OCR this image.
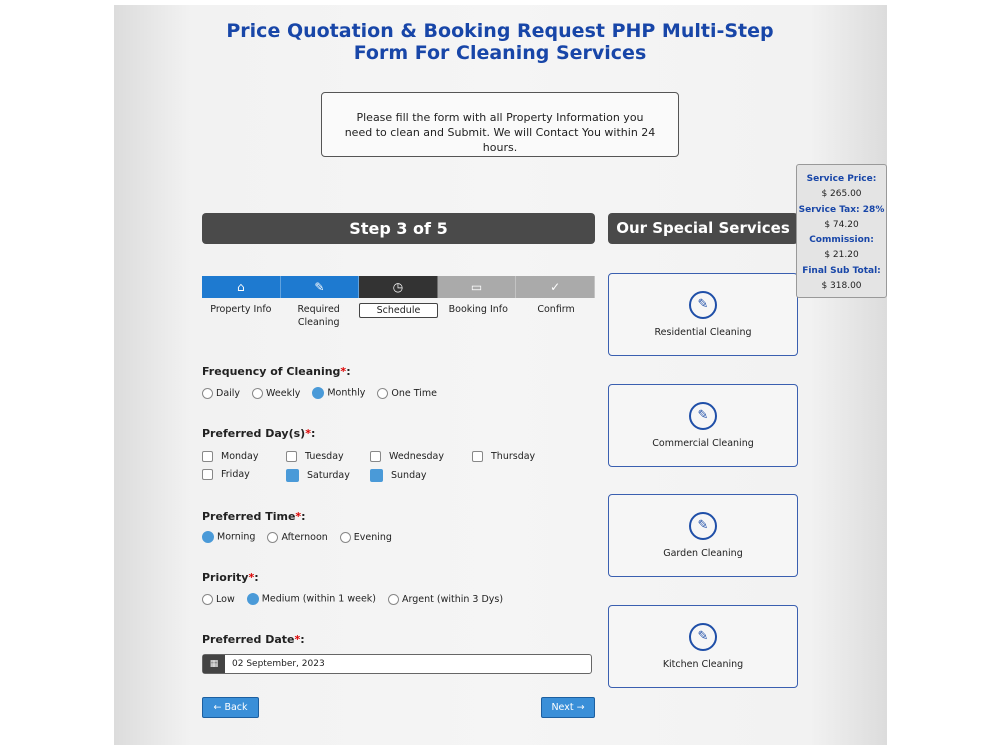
Price Quotation & Booking Request PHP Multi-Step Form For Cleaning Services
Please fill the form with all Property Information you need to clean and Submit. We will Contact You within 24 hours.
Step 3 of 5	Our Special Services
⌂	✎	◷	▭	✓
Property Info	Required Cleaning
Schedule	Booking Info	Confirm
Frequency of Cleaning*:
Daily	Weekly	Monthly	One Time
Preferred Day(s)*:
Monday	Tuesday	Wednesday	Thursday
Friday	Saturday	Sunday
Preferred Time*:
Morning	Afternoon	Evening
Priority*:
Low	Medium (within 1 week)	Argent (within 3 Dys)
Preferred Date*:
▦	02 September, 2023
← Back	Next →
✎
Residential Cleaning
✎
Commercial Cleaning
✎
Garden Cleaning
✎
Kitchen Cleaning
Service Price:
$ 265.00
Service Tax: 28%
$ 74.20
Commission:
$ 21.20
Final Sub Total:
$ 318.00
